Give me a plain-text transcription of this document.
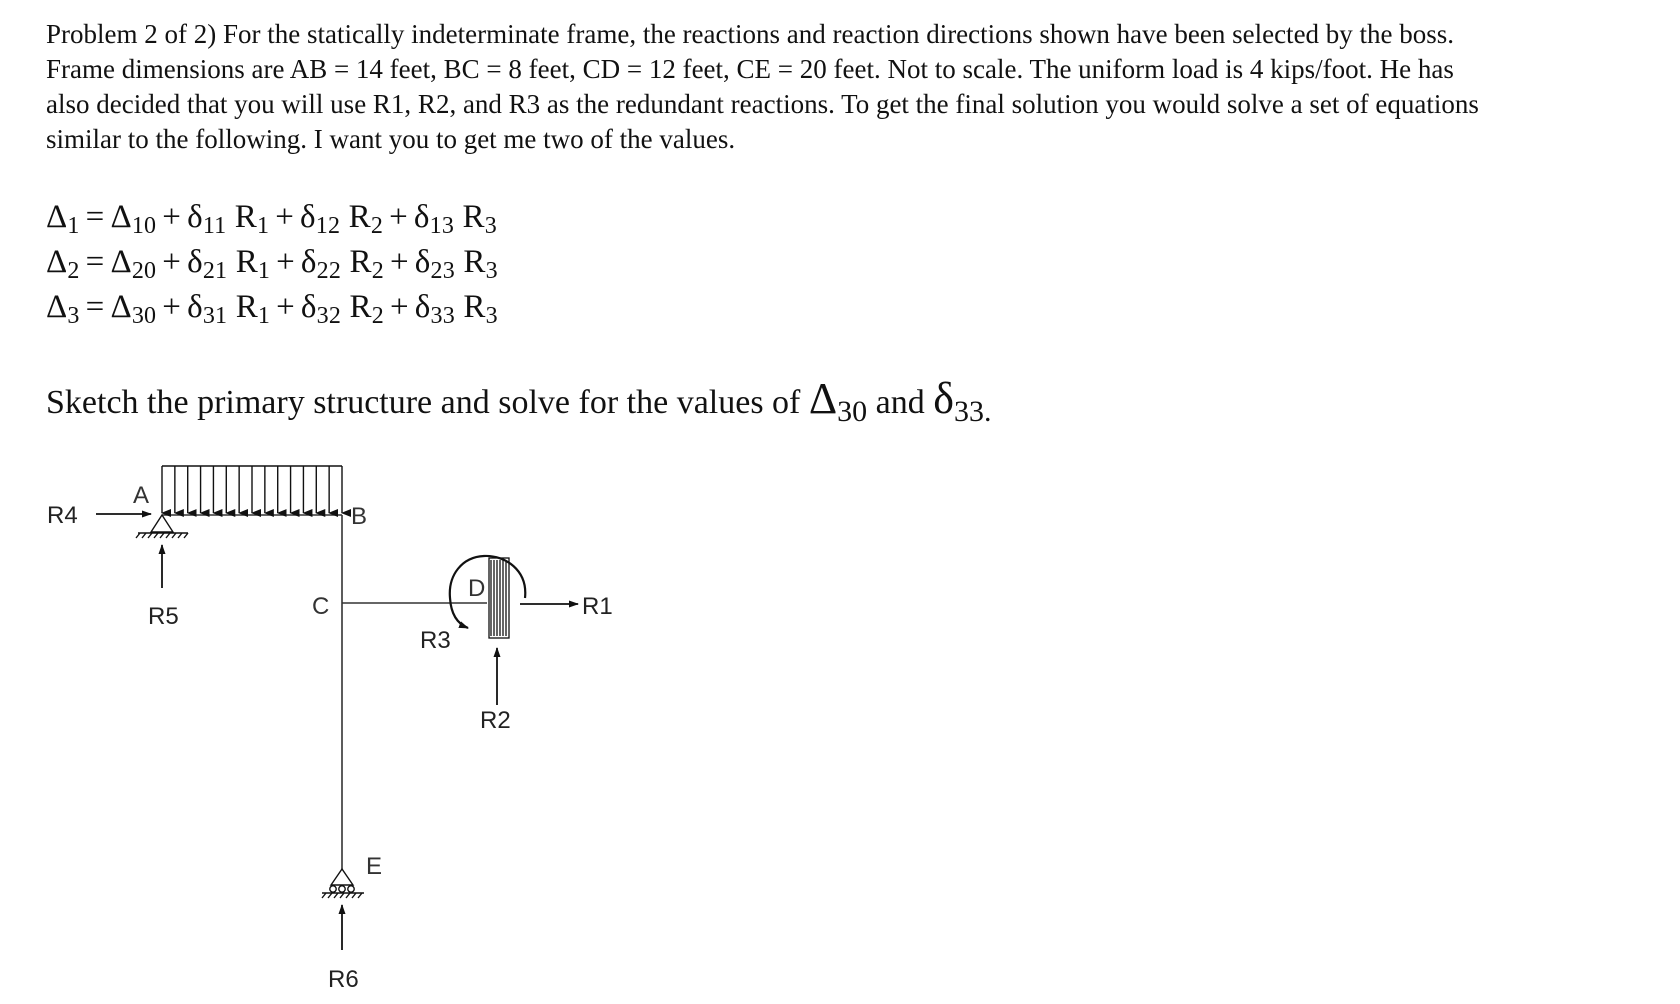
Problem 2 of 2) For the statically indeterminate frame, the reactions and reaction directions shown have been selected by the boss.
Frame dimensions are AB = 14 feet, BC = 8 feet, CD = 12 feet, CE = 20 feet. Not to scale. The uniform load is 4 kips/foot. He has
also decided that you will use R1, R2, and R3 as the redundant reactions. To get the final solution you would solve a set of equations
similar to the following. I want you to get me two of the values.
$\Delta_1 = \Delta_{10} + \delta_{11}$ $R_1 + \delta_{12}$ $R_2 + \delta_{13}$ $R_3$
$\Delta_2 = \Delta_{20} + \delta_{21}$ $R_1 + \delta_{22}$ $R_2 + \delta_{23}$ $R_3$
$\Delta_3 = \Delta_{30} + \delta_{31}$ $R_1 + \delta_{32}$ $R_2 + \delta_{33}$ $R_3$
Sketch the primary structure and solve for the values of $\Delta_{30}$ and $\delta_{33.}$
A
B
C
D
E
R4
R5	R1
R3
R2
R6
